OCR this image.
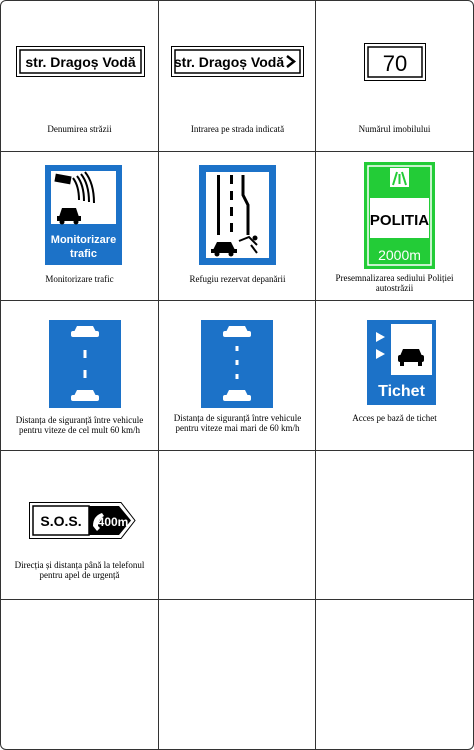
str. Dragoș Vodă
Denumirea străzii
str. Dragoș Vodă
Intrarea pe strada indicată
70
Numărul imobilului
Monitorizare
trafic
Monitorizare trafic	Refugiu rezervat depanării
POLITIA
2000m
Presemnalizarea sediului Poliției autostrăzii
Distanța de siguranță între vehicule pentru viteze de cel mult 60 km/h
Distanța de siguranță între vehicule pentru viteze mai mari de 60 km/h
Tichet
Acces pe bază de tichet
S.O.S. 400m
Direcția și distanța până la telefonul pentru apel de urgență
